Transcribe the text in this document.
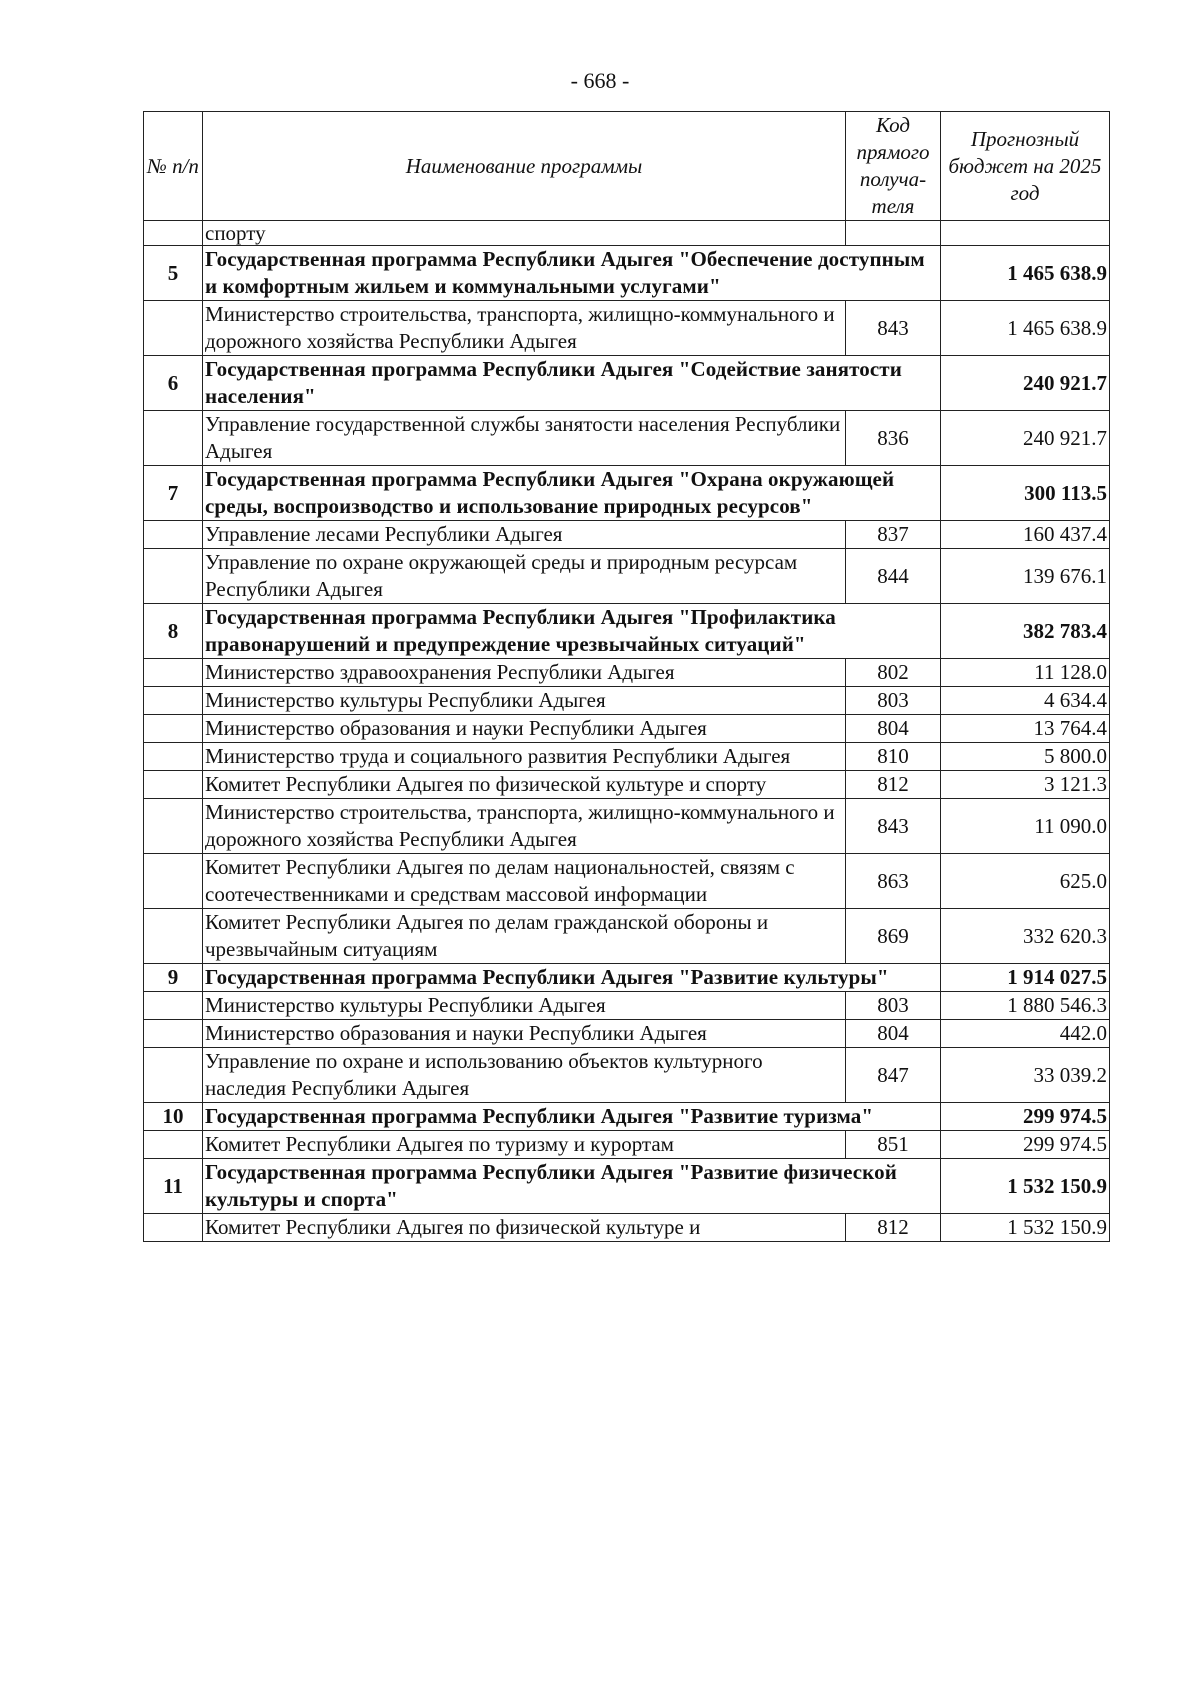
- 668 -
№ п/п	Наименование программы	Код прямого получа-теля	Прогнозный бюджет на 2025 год
	спорту		
5	Государственная программа Республики Адыгея "Обеспечение доступным и комфортным жильем и коммунальными услугами"		1 465 638.9
	Министерство строительства, транспорта, жилищно-коммунального и дорожного хозяйства Республики Адыгея	843	1 465 638.9
6	Государственная программа Республики Адыгея "Содействие занятости населения"		240 921.7
	Управление государственной службы занятости населения Республики Адыгея	836	240 921.7
7	Государственная программа Республики Адыгея "Охрана окружающей среды, воспроизводство и использование природных ресурсов"		300 113.5
	Управление лесами Республики Адыгея	837	160 437.4
	Управление по охране окружающей среды и природным ресурсам Республики Адыгея	844	139 676.1
8	Государственная программа Республики Адыгея "Профилактика правонарушений и предупреждение чрезвычайных ситуаций"		382 783.4
	Министерство здравоохранения Республики Адыгея	802	11 128.0
	Министерство культуры Республики Адыгея	803	4 634.4
	Министерство образования и науки Республики Адыгея	804	13 764.4
	Министерство труда и социального развития Республики Адыгея	810	5 800.0
	Комитет Республики Адыгея по физической культуре и спорту	812	3 121.3
	Министерство строительства, транспорта, жилищно-коммунального и дорожного хозяйства Республики Адыгея	843	11 090.0
	Комитет Республики Адыгея по делам национальностей, связям с соотечественниками и средствам массовой информации	863	625.0
	Комитет Республики Адыгея по делам гражданской обороны и чрезвычайным ситуациям	869	332 620.3
9	Государственная программа Республики Адыгея "Развитие культуры"		1 914 027.5
	Министерство культуры Республики Адыгея	803	1 880 546.3
	Министерство образования и науки Республики Адыгея	804	442.0
	Управление по охране и использованию объектов культурного наследия Республики Адыгея	847	33 039.2
10	Государственная программа Республики Адыгея "Развитие туризма"		299 974.5
	Комитет Республики Адыгея по туризму и курортам	851	299 974.5
11	Государственная программа Республики Адыгея "Развитие физической культуры и спорта"		1 532 150.9
	Комитет Республики Адыгея по физической культуре и	812	1 532 150.9
